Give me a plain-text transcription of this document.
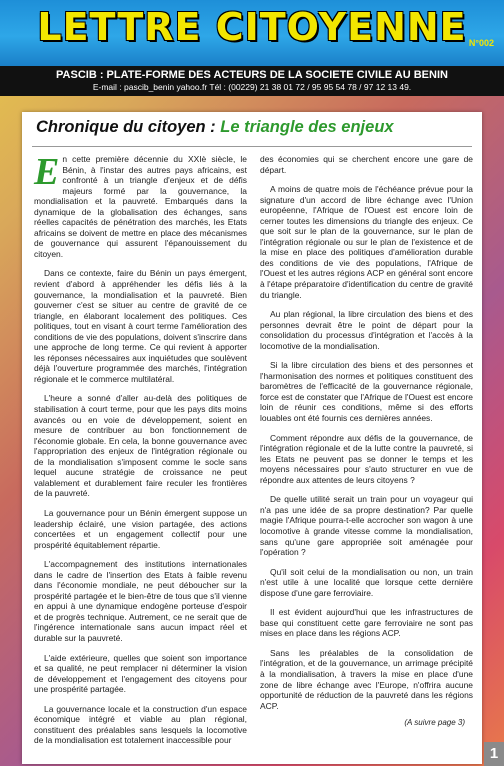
LETTRE CITOYENNE N°002
PASCIB : PLATE-FORME DES ACTEURS DE LA SOCIETE CIVILE AU BENIN
E-mail : pascib_benin yahoo.fr Tél : (00229) 21 38 01 72 / 95 95 54 78 / 97 12 13 49.
Chronique du citoyen : Le triangle des enjeux

En cette première décennie du XXIè siècle, le Bénin, à l'instar des autres pays africains, est confronté à un triangle d'enjeux et de défis majeurs formé par la gouvernance, la mondialisation et la pauvreté. Embarqués dans la dynamique de la globalisation des échanges, sans réelles capacités de pénétration des marchés, les Etats africains se doivent de mettre en place des mécanismes de gouvernance qui assurent l'épanouissement du citoyen.

Dans ce contexte, faire du Bénin un pays émergent, revient d'abord à appréhender les défis liés à la gouvernance, la mondialisation et la pauvreté. Bien gouverner c'est se situer au centre de gravité de ce triangle, en élaborant localement des politiques. Ces politiques, tout en visant à court terme l'amélioration des conditions de vie des populations, doivent s'inscrire dans une approche de long terme. Ce qui revient à apporter les réponses nécessaires aux inquiétudes que soulèvent déjà l'ouverture programmée des marchés, l'intégration régionale et le commerce multilatéral.

L'heure a sonné d'aller au-delà des politiques de stabilisation à court terme, pour que les pays dits moins avancés ou en voie de développement, soient en mesure de contribuer au bon fonctionnement de l'économie globale. En cela, la bonne gouvernance avec l'appropriation des enjeux de l'intégration régionale ou de la mondialisation s'imposent comme le socle sans lequel aucune stratégie de croissance ne peut valablement et durablement faire reculer les frontières de la pauvreté.

La gouvernance pour un Bénin émergent suppose un leadership éclairé, une vision partagée, des actions concertées et un engagement collectif pour une prospérité équitablement répartie.

L'accompagnement des institutions internationales dans le cadre de l'insertion des Etats à faible revenu dans l'économie mondiale, ne peut déboucher sur la prospérité partagée et le bien-être de tous que s'il vienne en appui à une dynamique endogène porteuse d'espoir et de progrès technique. Autrement, ce ne serait que de l'ingérence internationale sans aucun impact réel et durable sur la pauvreté.

L'aide extérieure, quelles que soient son importance et sa qualité, ne peut remplacer ni déterminer la vision de développement et l'engagement des citoyens pour une prospérité partagée.

La gouvernance locale et la construction d'un espace économique intégré et viable au plan régional, constituent des préalables sans lesquels la locomotive de la mondialisation est totalement inaccessible pour

des économies qui se cherchent encore une gare de départ.

A moins de quatre mois de l'échéance prévue pour la signature d'un accord de libre échange avec l'Union européenne, l'Afrique de l'Ouest est encore loin de cerner toutes les dimensions du triangle des enjeux. Ce que soit sur le plan de la gouvernance, sur le plan de l'intégration régionale ou sur le plan de l'existence et de la mise en place des politiques d'amélioration durable des conditions de vie des populations, l'Afrique de l'Ouest et les autres régions ACP en général sont encore à l'étape préparatoire d'identification du centre de gravité du triangle.

Au plan régional, la libre circulation des biens et des personnes devrait être le point de départ pour la consolidation du processus d'intégration et l'accès à la locomotive de la mondialisation.

Si la libre circulation des biens et des personnes et l'harmonisation des normes et politiques constituent des baromètres de l'efficacité de la gouvernance régionale, force est de constater que l'Afrique de l'Ouest est encore loin de réunir ces conditions, même si des efforts louables ont été fournis ces dernières années.

Comment répondre aux défis de la gouvernance, de l'intégration régionale et de la lutte contre la pauvreté, si les Etats ne peuvent pas se donner le temps et les moyens nécessaires pour s'auto structurer en vue de répondre aux attentes de leurs citoyens ?

De quelle utilité serait un train pour un voyageur qui n'a pas une idée de sa propre destination? Par quelle magie l'Afrique pourra-t-elle accrocher son wagon à une locomotive à grande vitesse comme la mondialisation, sans qu'une gare appropriée soit aménagée pour l'opération ?

Qu'il soit celui de la mondialisation ou non, un train n'est utile à une localité que lorsque cette dernière dispose d'une gare ferroviaire.

Il est évident aujourd'hui que les infrastructures de base qui constituent cette gare ferroviaire ne sont pas mises en place dans les régions ACP.

Sans les préalables de la consolidation de l'intégration, et de la gouvernance, un arrimage précipité à la mondialisation, à travers la mise en place d'une zone de libre échange avec l'Europe, n'offrira aucune opportunité de réduction de la pauvreté dans les régions ACP.

(A suivre page 3)
1
